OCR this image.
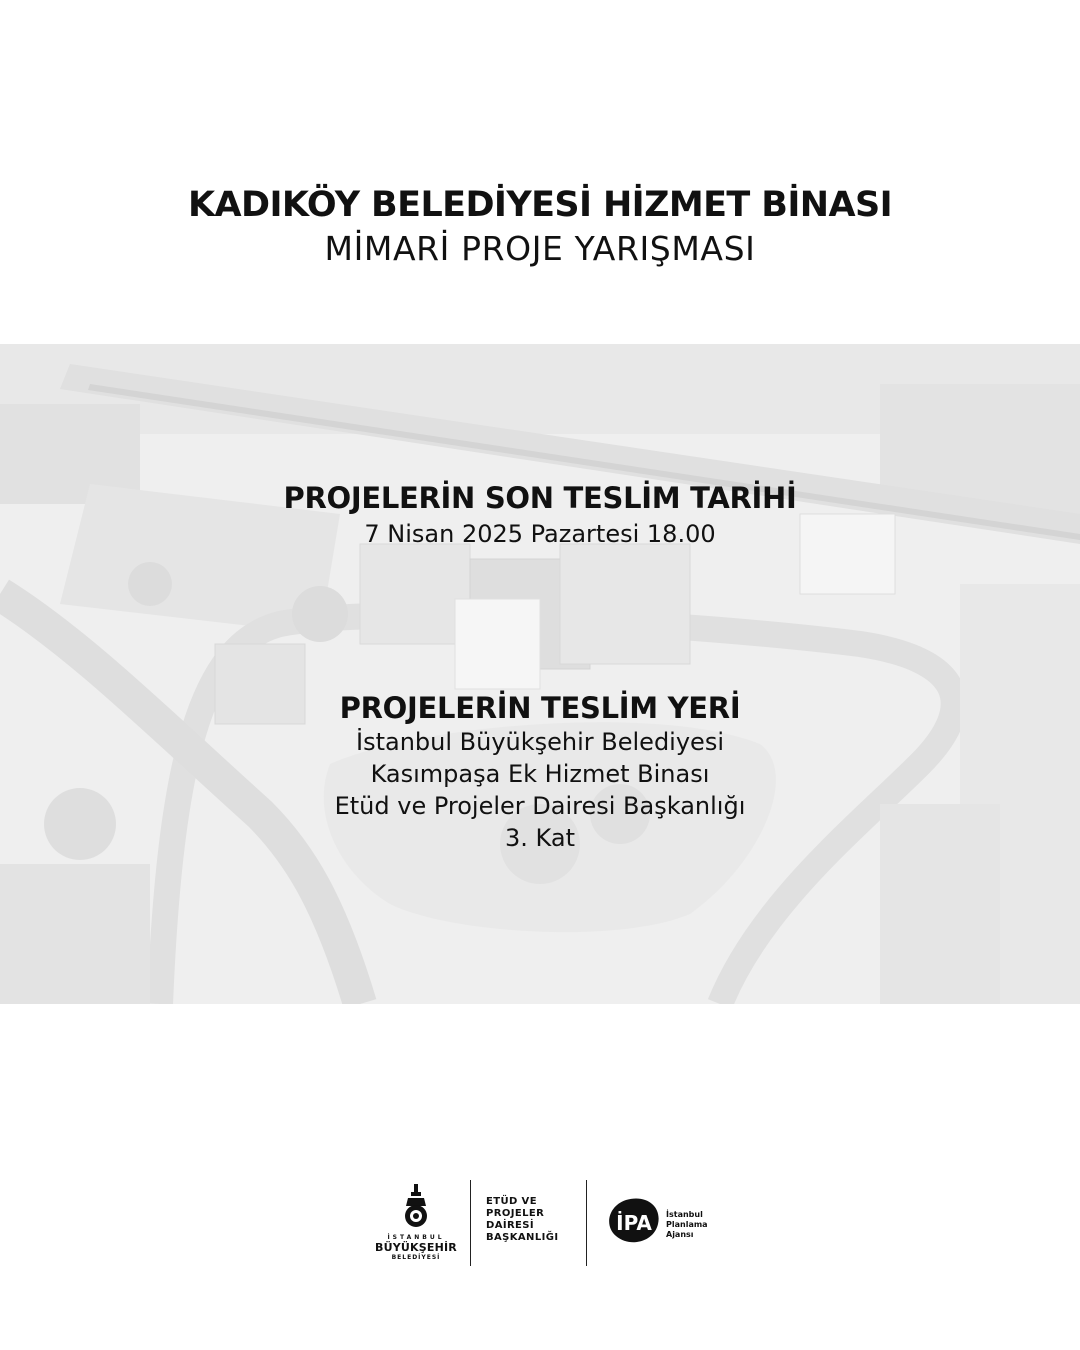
KADIKÖY BELEDİYESİ HİZMET BİNASI
MİMARİ PROJE YARIŞMASI
PROJELERİN SON TESLİM TARİHİ
7 Nisan 2025 Pazartesi 18.00
PROJELERİN TESLİM YERİ
İstanbul Büyükşehir Belediyesi
Kasımpaşa Ek Hizmet Binası
Etüd ve Projeler Dairesi Başkanlığı
3. Kat
İSTANBUL
BÜYÜKŞEHİR
BELEDİYESİ
ETÜD VE
PROJELER
DAİRESİ
BAŞKANLIĞI
İPA İstanbul
Planlama
Ajansı
